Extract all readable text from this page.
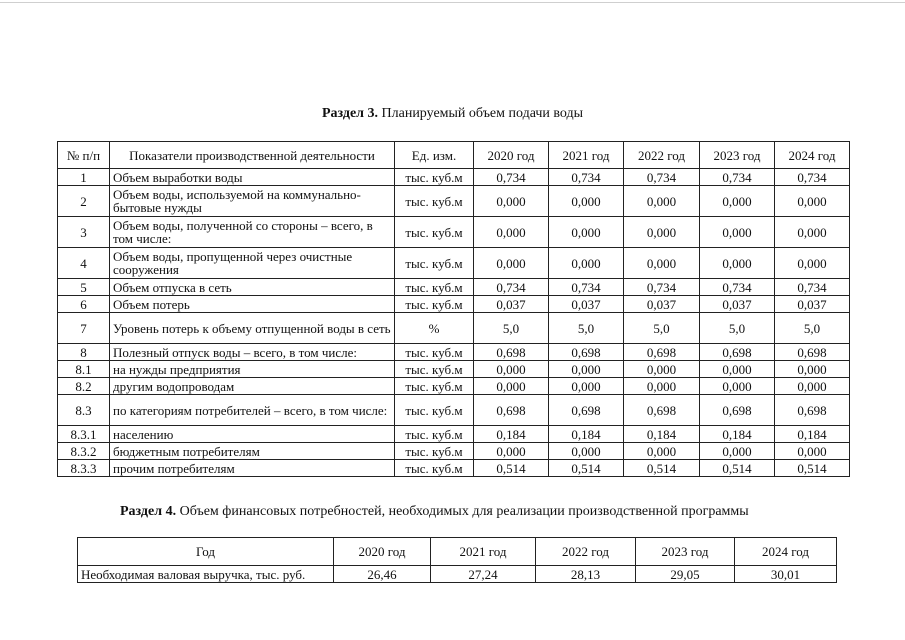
Раздел 3. Планируемый объем подачи воды
№ п/п	Показатели производственной деятельности	Ед. изм.	2020 год	2021 год	2022 год	2023 год	2024 год
1	Объем выработки воды	тыс. куб.м	0,734	0,734	0,734	0,734	0,734
2	Объем воды, используемой на коммунально-бытовые нужды	тыс. куб.м	0,000	0,000	0,000	0,000	0,000
3	Объем воды, полученной со стороны – всего, в том числе:	тыс. куб.м	0,000	0,000	0,000	0,000	0,000
4	Объем воды, пропущенной через очистные сооружения	тыс. куб.м	0,000	0,000	0,000	0,000	0,000
5	Объем отпуска в сеть	тыс. куб.м	0,734	0,734	0,734	0,734	0,734
6	Объем потерь	тыс. куб.м	0,037	0,037	0,037	0,037	0,037
7	Уровень потерь к объему отпущенной воды в сеть	%	5,0	5,0	5,0	5,0	5,0
8	Полезный отпуск воды – всего, в том числе:	тыс. куб.м	0,698	0,698	0,698	0,698	0,698
8.1	на нужды предприятия	тыс. куб.м	0,000	0,000	0,000	0,000	0,000
8.2	другим водопроводам	тыс. куб.м	0,000	0,000	0,000	0,000	0,000
8.3	по категориям потребителей – всего, в том числе:	тыс. куб.м	0,698	0,698	0,698	0,698	0,698
8.3.1	населению	тыс. куб.м	0,184	0,184	0,184	0,184	0,184
8.3.2	бюджетным потребителям	тыс. куб.м	0,000	0,000	0,000	0,000	0,000
8.3.3	прочим потребителям	тыс. куб.м	0,514	0,514	0,514	0,514	0,514
Раздел 4. Объем финансовых потребностей, необходимых для реализации производственной программы
Год	2020 год	2021 год	2022 год	2023 год	2024 год
Необходимая валовая выручка, тыс. руб.	26,46	27,24	28,13	29,05	30,01
